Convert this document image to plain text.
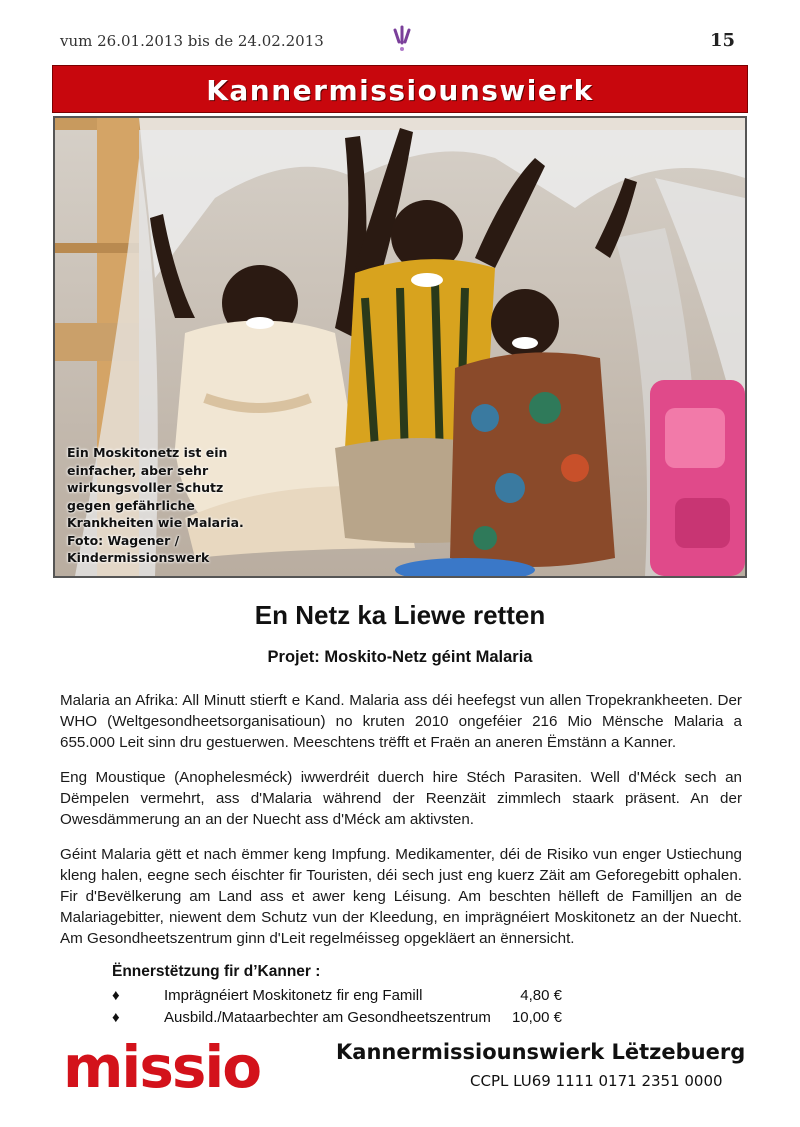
vum 26.01.2013 bis de 24.02.2013	15
Kannermissiounswierk
Ein Moskitonetz ist ein einfacher, aber sehr wirkungsvoller Schutz gegen gefährliche Krankheiten wie Malaria. Foto: Wagener / Kindermissionswerk
En Netz ka Liewe retten
Projet: Moskito-Netz géint Malaria
Malaria an Afrika: All Minutt stierft e Kand. Malaria ass déi heefegst vun allen Tropekrankheeten. Der WHO (Weltgesondheetsorganisatioun) no kruten 2010 ongeféier 216 Mio Mënsche Malaria a 655.000 Leit sinn dru gestuerwen. Meeschtens trëfft et Fraën an aneren Ëmstänn a Kanner.
Eng Moustique (Anophelesméck) iwwerdréit duerch hire Stéch Parasiten. Well d'Méck sech an Dëmpelen vermehrt, ass d'Malaria während der Reenzäit zimmlech staark präsent. An der Owesdämmerung an an der Nuecht ass d'Méck am aktivsten.
Géint Malaria gëtt et nach ëmmer keng Impfung. Medikamenter, déi de Risiko vun enger Ustiechung kleng halen, eegne sech éischter fir Touristen, déi sech just eng kuerz Zäit am Geforegebitt ophalen. Fir d'Bevëlkerung am Land ass et awer keng Léisung. Am beschten hëlleft de Familljen an de Malariagebitter, niewent dem Schutz vun der Kleedung, en imprägnéiert Moskitonetz an der Nuecht. Am Gesondheetszentrum ginn d'Leit regelméisseg opgekläert an ënnersicht.
Ënnerstëtzung fir d’Kanner :
♦	Imprägnéiert Moskitonetz fir eng Famill	4,80 €
♦	Ausbild./Mataarbechter am Gesondheetszentrum 10,00 €
missio	Kannermissiounswierk Lëtzebuerg
CCPL LU69 1111 0171 2351 0000
